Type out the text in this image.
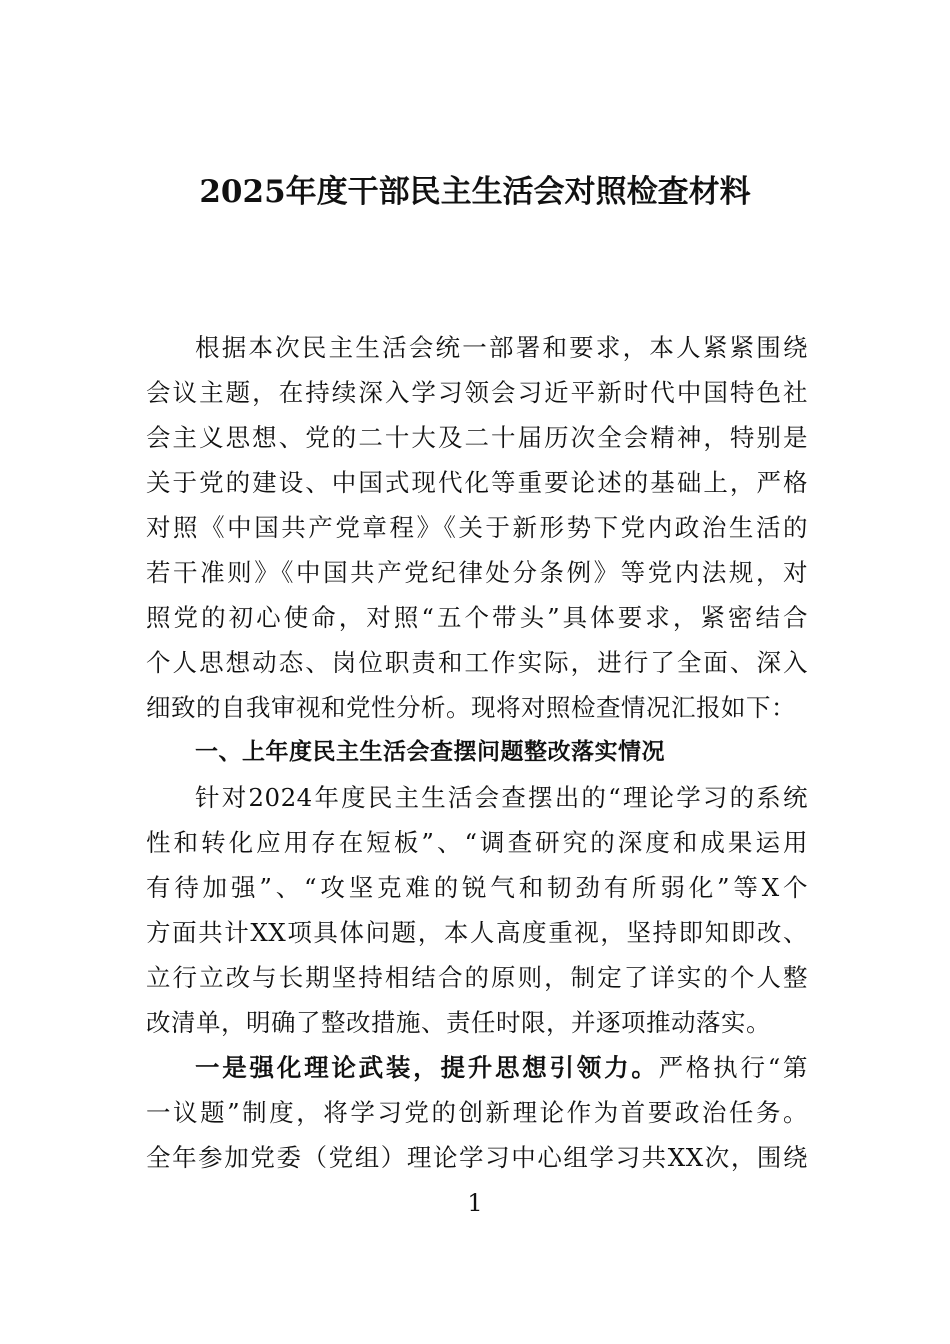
2025年度干部民主生活会对照检查材料
根据本次民主生活会统一部署和要求，本人紧紧围绕
会议主题，在持续深入学习领会习近平新时代中国特色社
会主义思想、党的二十大及二十届历次全会精神，特别是
关于党的建设、中国式现代化等重要论述的基础上，严格
对照《中国共产党章程》《关于新形势下党内政治生活的
若干准则》《中国共产党纪律处分条例》等党内法规，对
照党的初心使命，对照“五个带头”具体要求，紧密结合
个人思想动态、岗位职责和工作实际，进行了全面、深入
细致的自我审视和党性分析。现将对照检查情况汇报如下：
一、上年度民主生活会查摆问题整改落实情况
针对2024年度民主生活会查摆出的“理论学习的系统
性和转化应用存在短板”、“调查研究的深度和成果运用
有待加强”、“攻坚克难的锐气和韧劲有所弱化”等X个
方面共计XX项具体问题，本人高度重视，坚持即知即改、
立行立改与长期坚持相结合的原则，制定了详实的个人整
改清单，明确了整改措施、责任时限，并逐项推动落实。
一是强化理论武装，提升思想引领力。严格执行“第
一议题”制度，将学习党的创新理论作为首要政治任务。
全年参加党委（党组）理论学习中心组学习共XX次，围绕
1
